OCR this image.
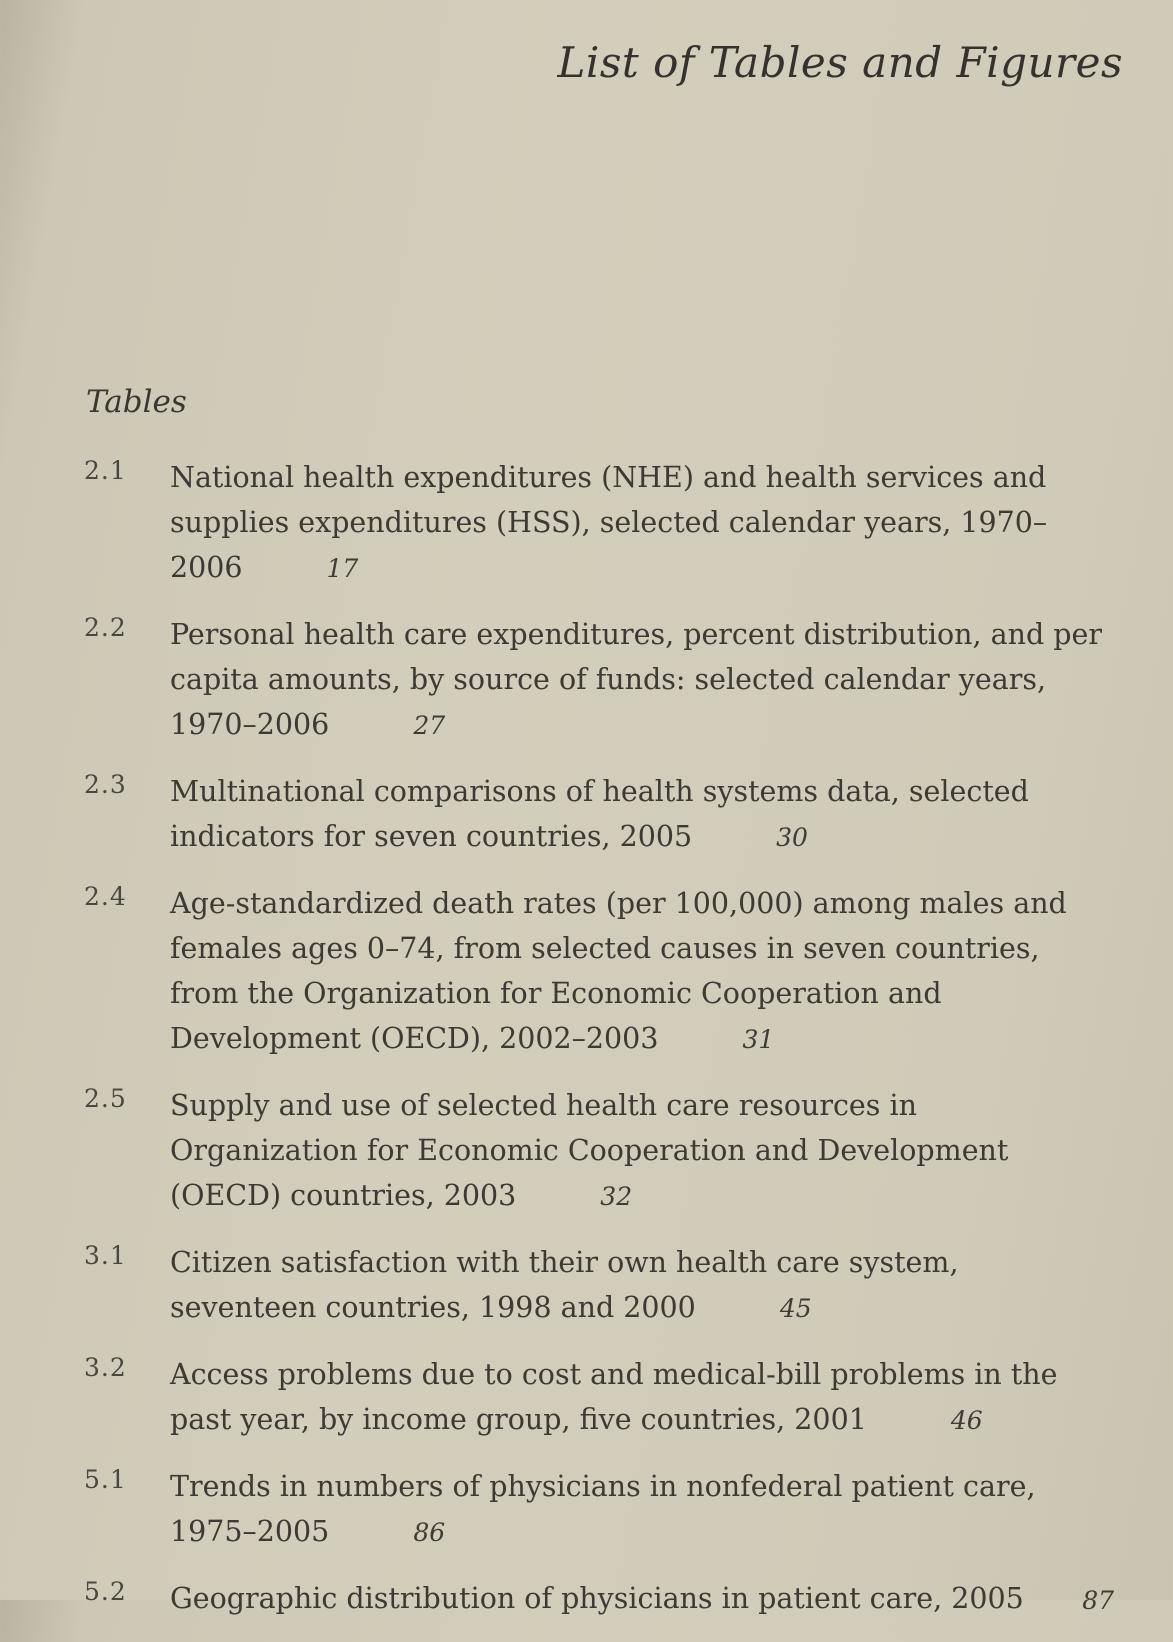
List of Tables and Figures
Tables
2.1 National health expenditures (NHE) and health services and supplies expenditures (HSS), selected calendar years, 1970–2006	17
2.2 Personal health care expenditures, percent distribution, and per capita amounts, by source of funds: selected calendar years, 1970–2006	27
2.3 Multinational comparisons of health systems data, selected indicators for seven countries, 2005	30
2.4 Age-standardized death rates (per 100,000) among males and females ages 0–74, from selected causes in seven countries, from the Organization for Economic Cooperation and Development (OECD), 2002–2003	31
2.5 Supply and use of selected health care resources in Organization for Economic Cooperation and Development (OECD) countries, 2003	32
3.1 Citizen satisfaction with their own health care system, seventeen countries, 1998 and 2000	45
3.2 Access problems due to cost and medical-bill problems in the past year, by income group, five countries, 2001	46
5.1 Trends in numbers of physicians in nonfederal patient care, 1975–2005	86
5.2 Geographic distribution of physicians in patient care, 2005 87
